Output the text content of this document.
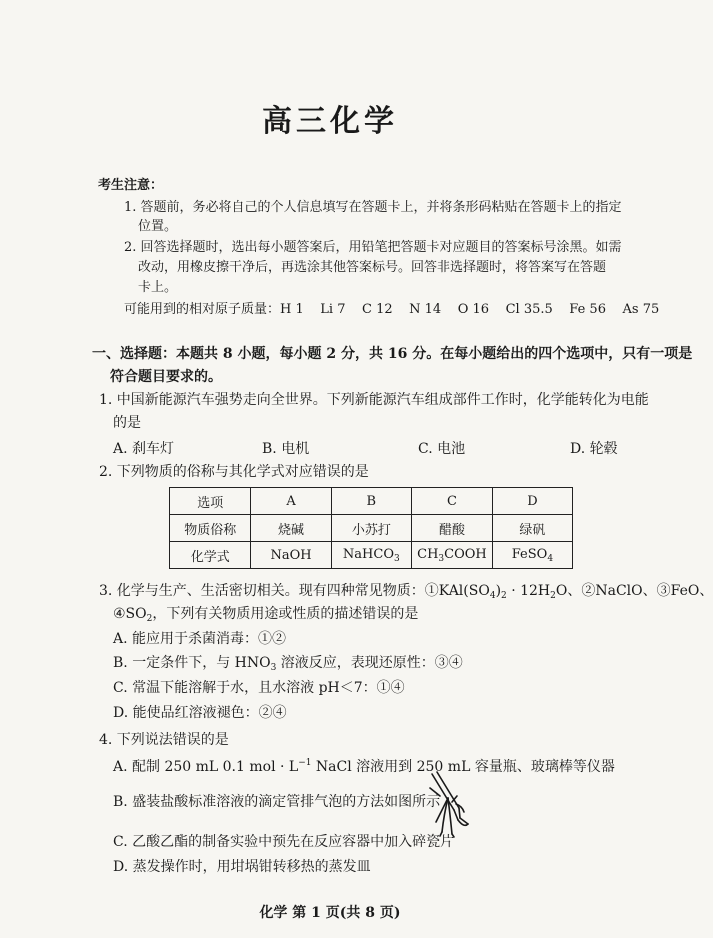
高三化学
考生注意：
1. 答题前，务必将自己的个人信息填写在答题卡上，并将条形码粘贴在答题卡上的指定
位置。
2. 回答选择题时，选出每小题答案后，用铅笔把答题卡对应题目的答案标号涂黑。如需
改动，用橡皮擦干净后，再选涂其他答案标号。回答非选择题时，将答案写在答题
卡上。
可能用到的相对原子质量：H 1    Li 7    C 12    N 14    O 16    Cl 35.5    Fe 56    As 75
一、选择题：本题共 8 小题，每小题 2 分，共 16 分。在每小题给出的四个选项中，只有一项是
符合题目要求的。
1. 中国新能源汽车强势走向全世界。下列新能源汽车组成部件工作时，化学能转化为电能
的是
A. 刹车灯	B. 电机	C. 电池	D. 轮毂
2. 下列物质的俗称与其化学式对应错误的是
选项	A	B	C	D
物质俗称	烧碱	小苏打	醋酸	绿矾
化学式	NaOH	NaHCO$_3$	$CH_3COOH$	FeSO$_4$
3. 化学与生产、生活密切相关。现有四种常见物质：$①KAl(SO_4)_2 \cdot 12H_2O$、②NaClO、③FeO、
$④SO_2$，下列有关物质用途或性质的描述错误的是
A. 能应用于杀菌消毒：①②
B. 一定条件下，与 $HNO_3$ 溶液反应，表现还原性：③④
C. 常温下能溶解于水，且水溶液 pH＜7：①④
D. 能使品红溶液褪色：②④
4. 下列说法错误的是
A. 配制 250 mL 0.1 mol · $L^{-1}$ NaCl 溶液用到 250 mL 容量瓶、玻璃棒等仪器
B. 盛装盐酸标准溶液的滴定管排气泡的方法如图所示
C. 乙酸乙酯的制备实验中预先在反应容器中加入碎瓷片
D. 蒸发操作时，用坩埚钳转移热的蒸发皿
化学 第 1 页(共 8 页)
